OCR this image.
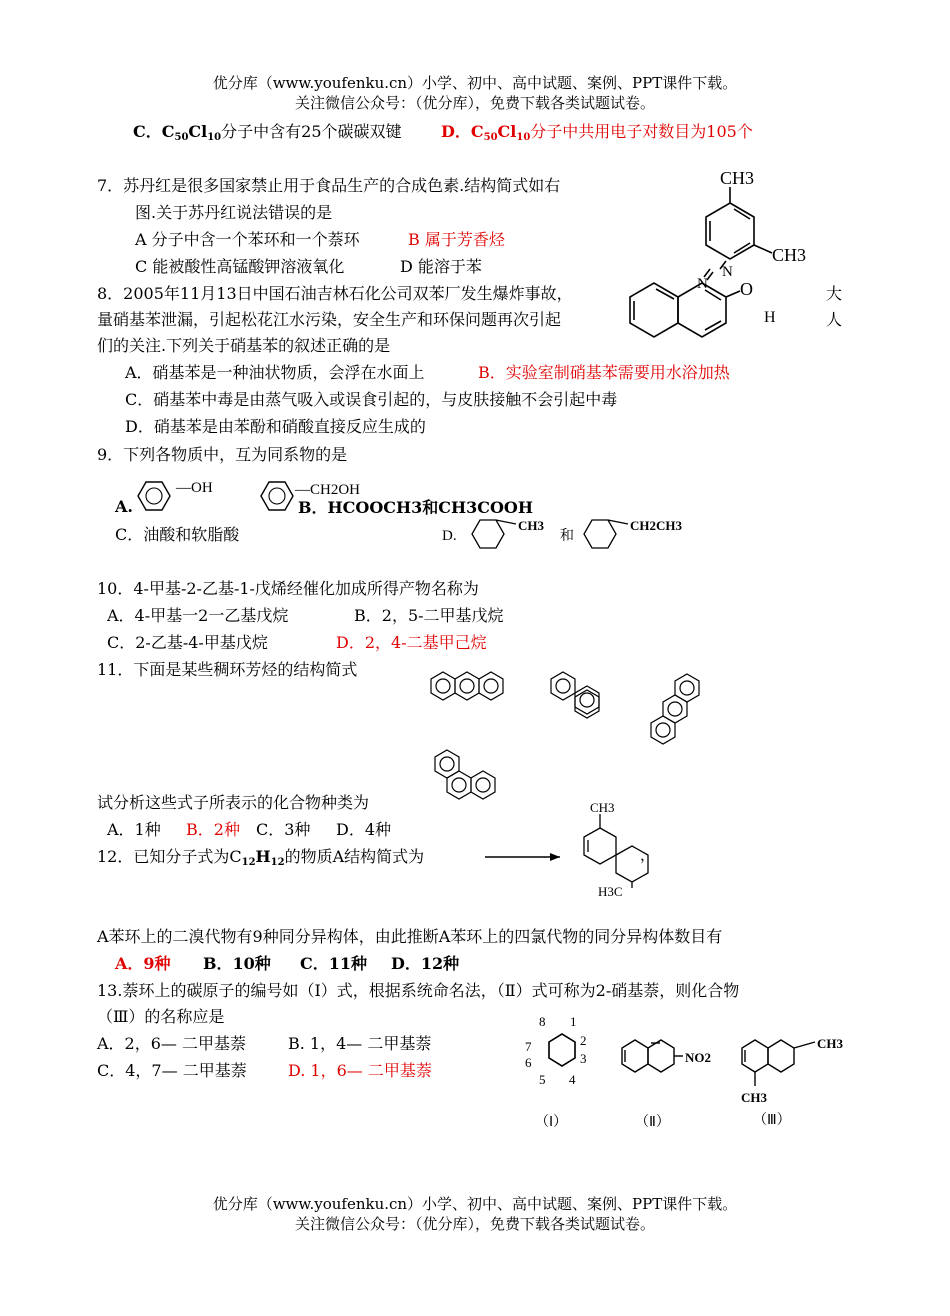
优分库（www.youfenku.cn）小学、初中、高中试题、案例、PPT课件下载。
关注微信公众号：（优分库），免费下载各类试题试卷。
C．$C_{50}Cl_{10}$分子中含有25个碳碳双键 D．$C_{50}Cl_{10}$分子中共用电子对数目为105个
7．苏丹红是很多国家禁止用于食品生产的合成色素.结构简式如右
图.关于苏丹红说法错误的是
A 分子中含一个苯环和一个萘环	B 属于芳香烃
C 能被酸性高锰酸钾溶液氧化	D 能溶于苯
CH3
CH3
N
N O
H
8．2005年11月13日中国石油吉林石化公司双苯厂发生爆炸事故，	大
量硝基苯泄漏，引起松花江水污染，安全生产和环保问题再次引起	人
们的关注.下列关于硝基苯的叙述正确的是
A．硝基苯是一种油状物质，会浮在水面上	B．实验室制硝基苯需要用水浴加热
C．硝基苯中毒是由蒸气吸入或误食引起的，与皮肤接触不会引起中毒
D．硝基苯是由苯酚和硝酸直接反应生成的
9．下列各物质中，互为同系物的是
A.
—OH	—CH2OH
B．HCOOCH3和CH3COOH
C．油酸和软脂酸	D.
CH3
和
CH2CH3
10．4-甲基-2-乙基-1-戊烯经催化加成所得产物名称为
A．4-甲基一2一乙基戊烷	B．2，5-二甲基戊烷
C．2-乙基-4-甲基戊烷	D．2，4-二基甲己烷
11．下面是某些稠环芳烃的结构简式
试分析这些式子所表示的化合物种类为
A．1种 B．2种 C．3种 D．4种
12．已知分子式为$C_{12}H_{12}$的物质A结构简式为
CH3
H3C
，
A苯环上的二溴代物有9种同分异构体，由此推断A苯环上的四氯代物的同分异构体数目有
A．9种 B．10种 C．11种 D．12种
13.萘环上的碳原子的编号如（Ⅰ）式，根据系统命名法，（Ⅱ）式可称为2-硝基萘，则化合物
（Ⅲ）的名称应是
A．2，6— 二甲基萘	B. 1，4— 二甲基萘
C．4，7— 二甲基萘	D. 1，6— 二甲基萘
8 1
2
3
4
5
6
7
NO2
CH3
CH3
（Ⅰ）	（Ⅱ）	（Ⅲ）
优分库（www.youfenku.cn）小学、初中、高中试题、案例、PPT课件下载。
关注微信公众号：（优分库），免费下载各类试题试卷。
